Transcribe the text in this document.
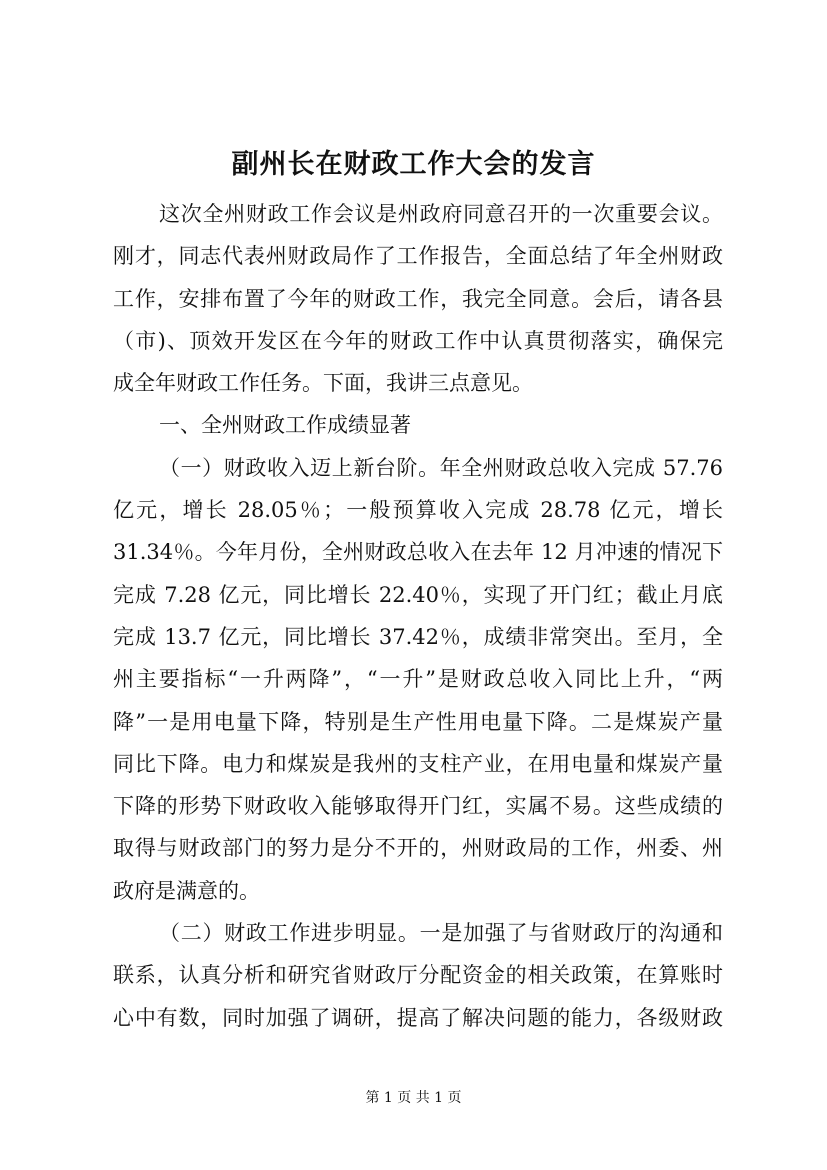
副州长在财政工作大会的发言
这次全州财政工作会议是州政府同意召开的一次重要会议。
刚才，同志代表州财政局作了工作报告，全面总结了年全州财政
工作，安排布置了今年的财政工作，我完全同意。会后，请各县
（市)、顶效开发区在今年的财政工作中认真贯彻落实，确保完
成全年财政工作任务。下面，我讲三点意见。
一、全州财政工作成绩显著
（一）财政收入迈上新台阶。年全州财政总收入完成 57.76
亿元，增长 28.05％；一般预算收入完成 28.78 亿元，增长
31.34％。今年月份，全州财政总收入在去年 12 月冲速的情况下
完成 7.28 亿元，同比增长 22.40％，实现了开门红；截止月底
完成 13.7 亿元，同比增长 37.42％，成绩非常突出。至月，全
州主要指标“一升两降”，“一升”是财政总收入同比上升，“两
降”一是用电量下降，特别是生产性用电量下降。二是煤炭产量
同比下降。电力和煤炭是我州的支柱产业，在用电量和煤炭产量
下降的形势下财政收入能够取得开门红，实属不易。这些成绩的
取得与财政部门的努力是分不开的，州财政局的工作，州委、州
政府是满意的。
（二）财政工作进步明显。一是加强了与省财政厅的沟通和
联系，认真分析和研究省财政厅分配资金的相关政策，在算账时
心中有数，同时加强了调研，提高了解决问题的能力，各级财政
第 1 页 共 1 页
